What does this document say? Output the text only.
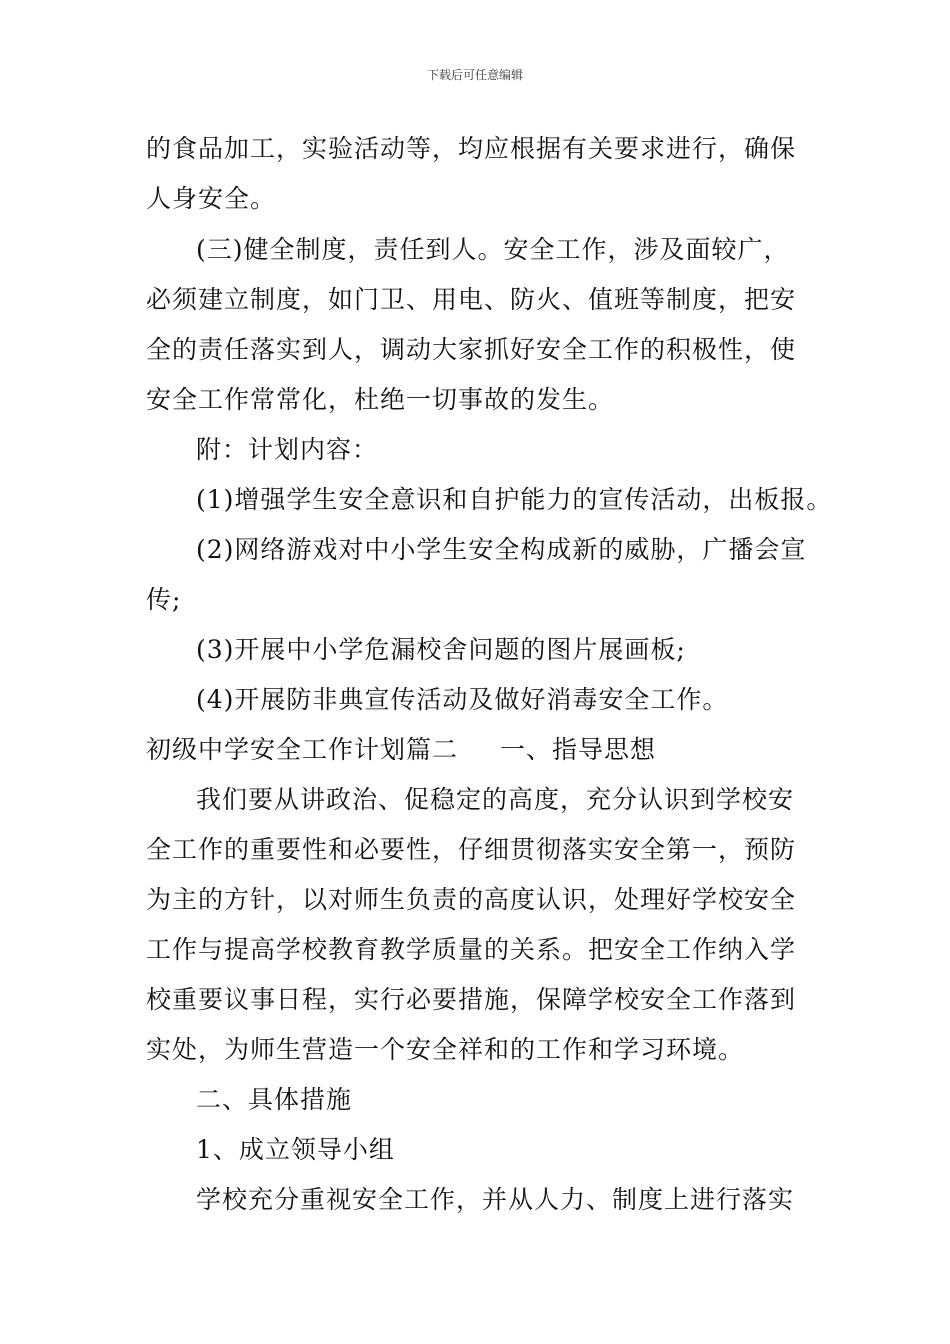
下载后可任意编辑
的食品加工，实验活动等，均应根据有关要求进行，确保
人身安全。
(三)健全制度，责任到人。安全工作，涉及面较广，
必须建立制度，如门卫、用电、防火、值班等制度，把安
全的责任落实到人，调动大家抓好安全工作的积极性，使
安全工作常常化，杜绝一切事故的发生。
附：计划内容：
(1)增强学生安全意识和自护能力的宣传活动，出板报。
(2)网络游戏对中小学生安全构成新的威胁，广播会宣
传;
(3)开展中小学危漏校舍问题的图片展画板;
(4)开展防非典宣传活动及做好消毒安全工作。
初级中学安全工作计划篇二 一、指导思想
我们要从讲政治、促稳定的高度，充分认识到学校安
全工作的重要性和必要性，仔细贯彻落实安全第一，预防
为主的方针，以对师生负责的高度认识，处理好学校安全
工作与提高学校教育教学质量的关系。把安全工作纳入学
校重要议事日程，实行必要措施，保障学校安全工作落到
实处，为师生营造一个安全祥和的工作和学习环境。
二、具体措施
1、成立领导小组
学校充分重视安全工作，并从人力、制度上进行落实
